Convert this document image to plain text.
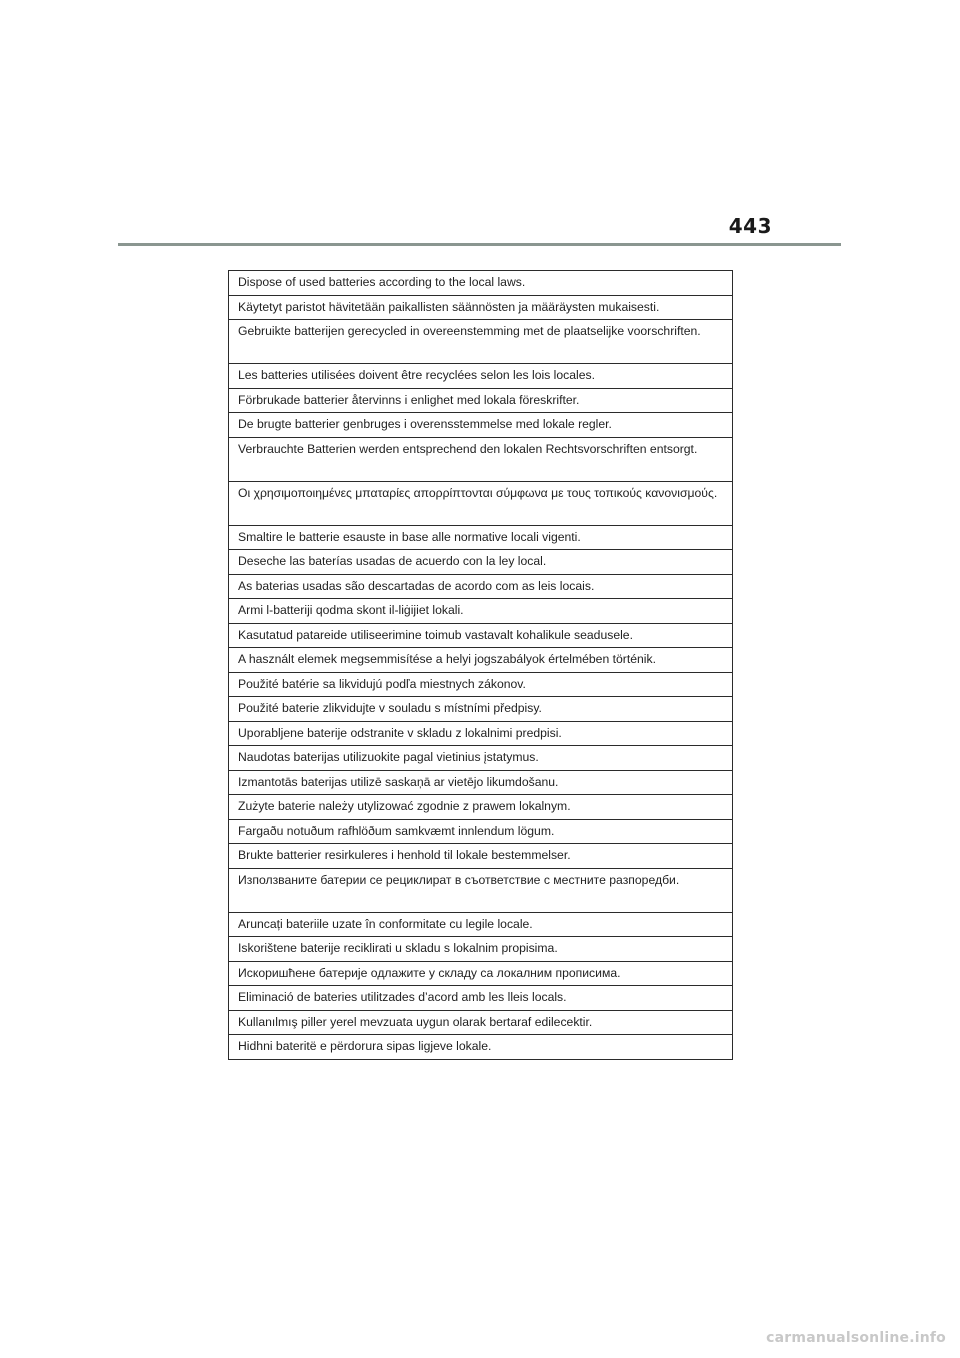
443
Dispose of used batteries according to the local laws.
Käytetyt paristot hävitetään paikallisten säännösten ja määräysten mukaisesti.
Gebruikte batterijen gerecycled in overeenstemming met de plaatselijke voorschriften.
Les batteries utilisées doivent être recyclées selon les lois locales.
Förbrukade batterier återvinns i enlighet med lokala föreskrifter.
De brugte batterier genbruges i overensstemmelse med lokale regler.
Verbrauchte Batterien werden entsprechend den lokalen Rechtsvorschriften entsorgt.
Οι χρησιμοποιημένες μπαταρίες απορρίπτονται σύμφωνα με τους τοπικούς κανονισμούς.
Smaltire le batterie esauste in base alle normative locali vigenti.
Deseche las baterías usadas de acuerdo con la ley local.
As baterias usadas são descartadas de acordo com as leis locais.
Armi l-batteriji qodma skont il-liġijiet lokali.
Kasutatud patareide utiliseerimine toimub vastavalt kohalikule seadusele.
A használt elemek megsemmisítése a helyi jogszabályok értelmében történik.
Použité batérie sa likvidujú podľa miestnych zákonov.
Použité baterie zlikvidujte v souladu s místními předpisy.
Uporabljene baterije odstranite v skladu z lokalnimi predpisi.
Naudotas baterijas utilizuokite pagal vietinius įstatymus.
Izmantotās baterijas utilizē saskaņā ar vietējo likumdošanu.
Zużyte baterie należy utylizować zgodnie z prawem lokalnym.
Fargaðu notuðum rafhlöðum samkvæmt innlendum lögum.
Brukte batterier resirkuleres i henhold til lokale bestemmelser.
Използваните батерии се рециклират в съответствие с местните разпоредби.
Aruncați bateriile uzate în conformitate cu legile locale.
Iskorištene baterije reciklirati u skladu s lokalnim propisima.
Искоришћене батерије одлажите у складу са локалним прописима.
Eliminació de bateries utilitzades d’acord amb les lleis locals.
Kullanılmış piller yerel mevzuata uygun olarak bertaraf edilecektir.
Hidhni bateritë e përdorura sipas ligjeve lokale.
carmanualsonline.info
